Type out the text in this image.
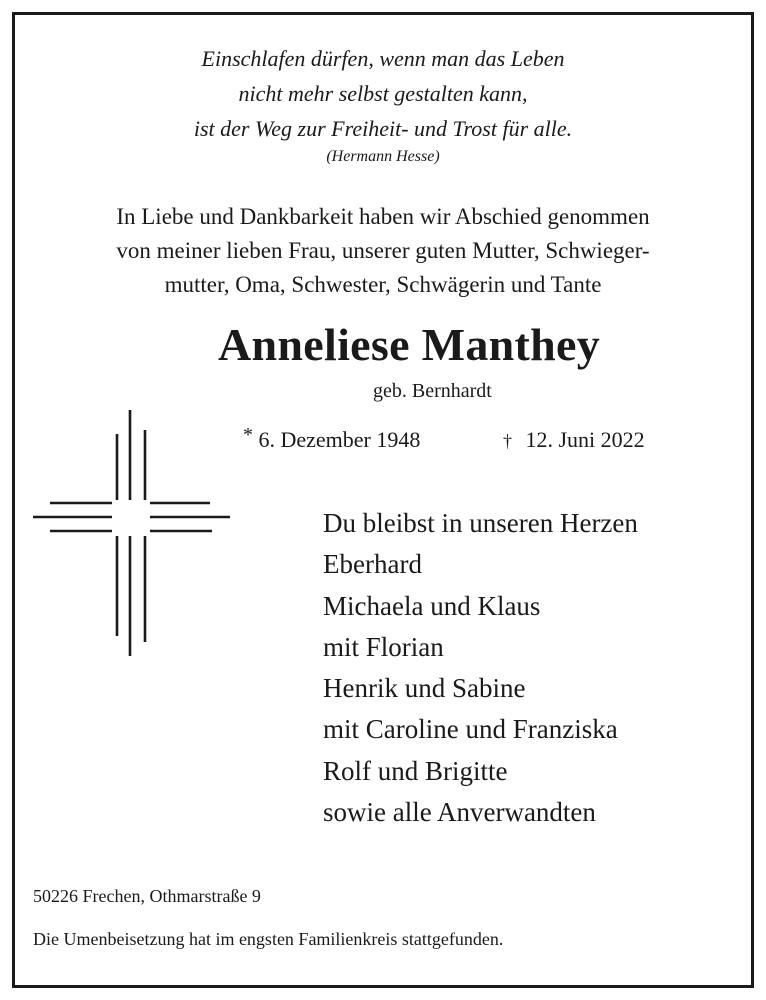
Einschlafen dürfen, wenn man das Leben
nicht mehr selbst gestalten kann,
ist der Weg zur Freiheit- und Trost für alle.
(Hermann Hesse)
In Liebe und Dankbarkeit haben wir Abschied genommen
von meiner lieben Frau, unserer guten Mutter, Schwieger-
mutter, Oma, Schwester, Schwägerin und Tante
Anneliese Manthey
geb. Bernhardt
* 6. Dezember 1948	† 12. Juni 2022
Du bleibst in unseren Herzen
Eberhard
Michaela und Klaus
mit Florian
Henrik und Sabine
mit Caroline und Franziska
Rolf und Brigitte
sowie alle Anverwandten
50226 Frechen, Othmarstraße 9
Die Umenbeisetzung hat im engsten Familienkreis stattgefunden.
